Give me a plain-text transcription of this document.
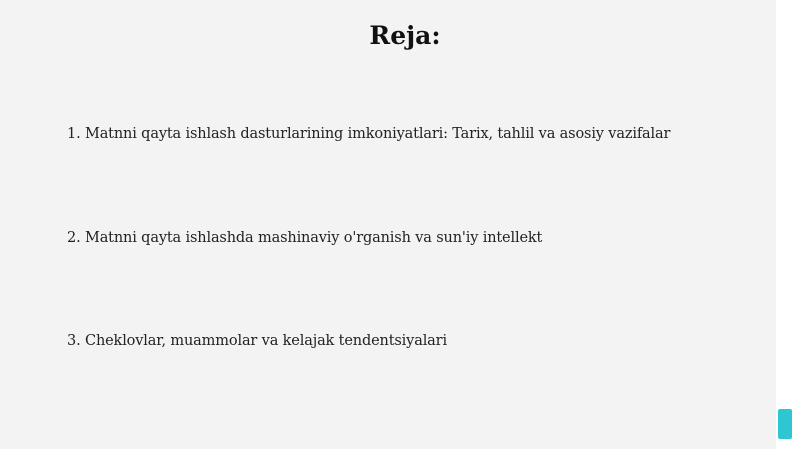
Reja:
1. Matnni qayta ishlash dasturlarining imkoniyatlari: Tarix, tahlil va asosiy vazifalar
2. Matnni qayta ishlashda mashinaviy o'rganish va sun'iy intellekt
3. Cheklovlar, muammolar va kelajak tendentsiyalari
